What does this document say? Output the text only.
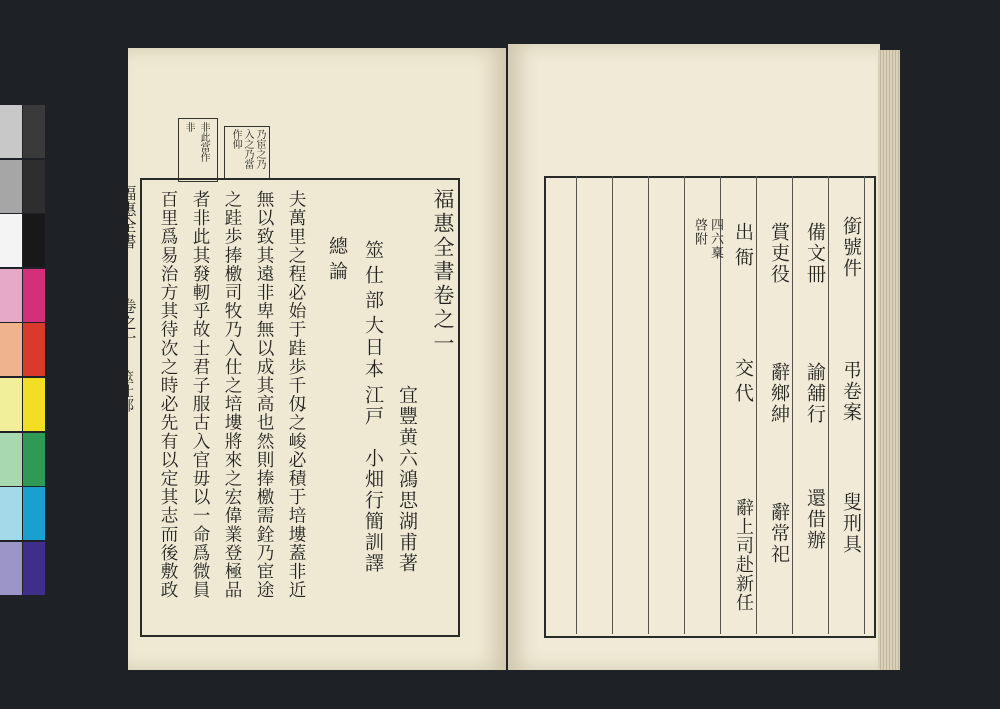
乃宦之乃
入之乃當
作仰
非此當作
非
福惠全書
卷之一
筮仕部
福惠全書卷之一
筮仕部
總論
大日本
宜豐黄六鴻思湖甫著
江戸　小畑行簡訓譯
夫萬里之程必始于跬歩千仭之峻必積于培塿蓋非近
無以致其遠非卑無以成其高也然則捧檄需銓乃宦途
之跬歩捧檄司牧乃入仕之培塿將來之宏偉業登極品
者非此其發軔乎故士君子服古入官毋以一命爲微員
百里爲易治方其待次之時必先有以定其志而後敷政	銜號件
弔卷案
叟刑具
備文冊
諭舖行
還借辦
賞吏役
辭鄉紳
辭常祀
出衙
交代
辭上司赴新任
四六稟
啓附
